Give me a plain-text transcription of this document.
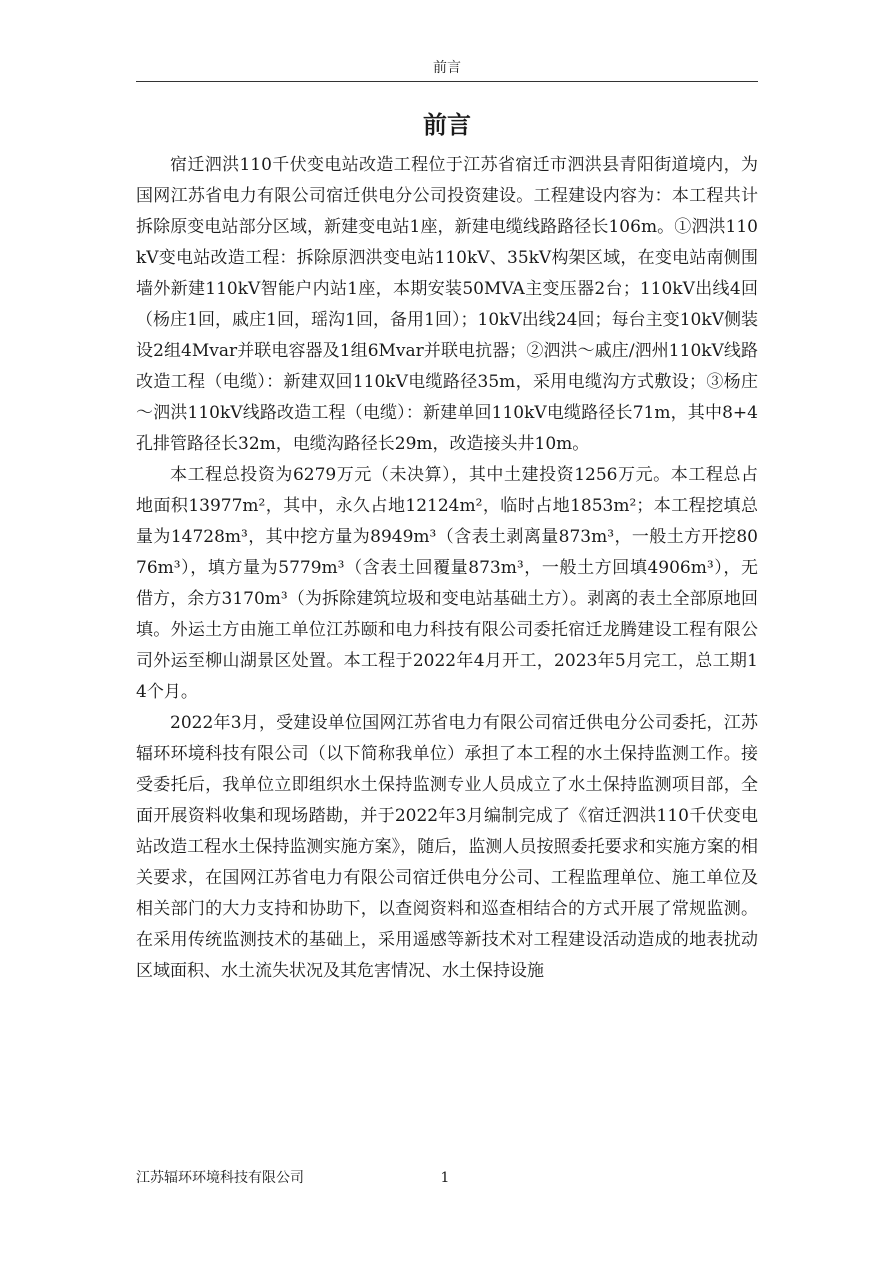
前言
前言

宿迁泗洪110千伏变电站改造工程位于江苏省宿迁市泗洪县青阳街道境内，为国网江苏省电力有限公司宿迁供电分公司投资建设。工程建设内容为：本工程共计拆除原变电站部分区域，新建变电站1座，新建电缆线路路径长106m。①泗洪110kV变电站改造工程：拆除原泗洪变电站110kV、35kV构架区域，在变电站南侧围墙外新建110kV智能户内站1座，本期安装50MVA主变压器2台；110kV出线4回（杨庄1回，戚庄1回，瑶沟1回，备用1回）；10kV出线24回；每台主变10kV侧装设2组4Mvar并联电容器及1组6Mvar并联电抗器；②泗洪～戚庄/泗州110kV线路改造工程（电缆）：新建双回110kV电缆路径35m，采用电缆沟方式敷设；③杨庄～泗洪110kV线路改造工程（电缆）：新建单回110kV电缆路径长71m，其中8+4孔排管路径长32m，电缆沟路径长29m，改造接头井10m。

本工程总投资为6279万元（未决算），其中土建投资1256万元。本工程总占地面积13977m²，其中，永久占地12124m²，临时占地1853m²；本工程挖填总量为14728m³，其中挖方量为8949m³（含表土剥离量873m³，一般土方开挖8076m³），填方量为5779m³（含表土回覆量873m³，一般土方回填4906m³），无借方，余方3170m³（为拆除建筑垃圾和变电站基础土方）。剥离的表土全部原地回填。外运土方由施工单位江苏颐和电力科技有限公司委托宿迁龙腾建设工程有限公司外运至柳山湖景区处置。本工程于2022年4月开工，2023年5月完工，总工期14个月。

2022年3月，受建设单位国网江苏省电力有限公司宿迁供电分公司委托，江苏辐环环境科技有限公司（以下简称我单位）承担了本工程的水土保持监测工作。接受委托后，我单位立即组织水土保持监测专业人员成立了水土保持监测项目部，全面开展资料收集和现场踏勘，并于2022年3月编制完成了《宿迁泗洪110千伏变电站改造工程水土保持监测实施方案》，随后，监测人员按照委托要求和实施方案的相关要求，在国网江苏省电力有限公司宿迁供电分公司、工程监理单位、施工单位及相关部门的大力支持和协助下，以查阅资料和巡查相结合的方式开展了常规监测。在采用传统监测技术的基础上，采用遥感等新技术对工程建设活动造成的地表扰动区域面积、水土流失状况及其危害情况、水土保持设施

江苏辐环环境科技有限公司	1
